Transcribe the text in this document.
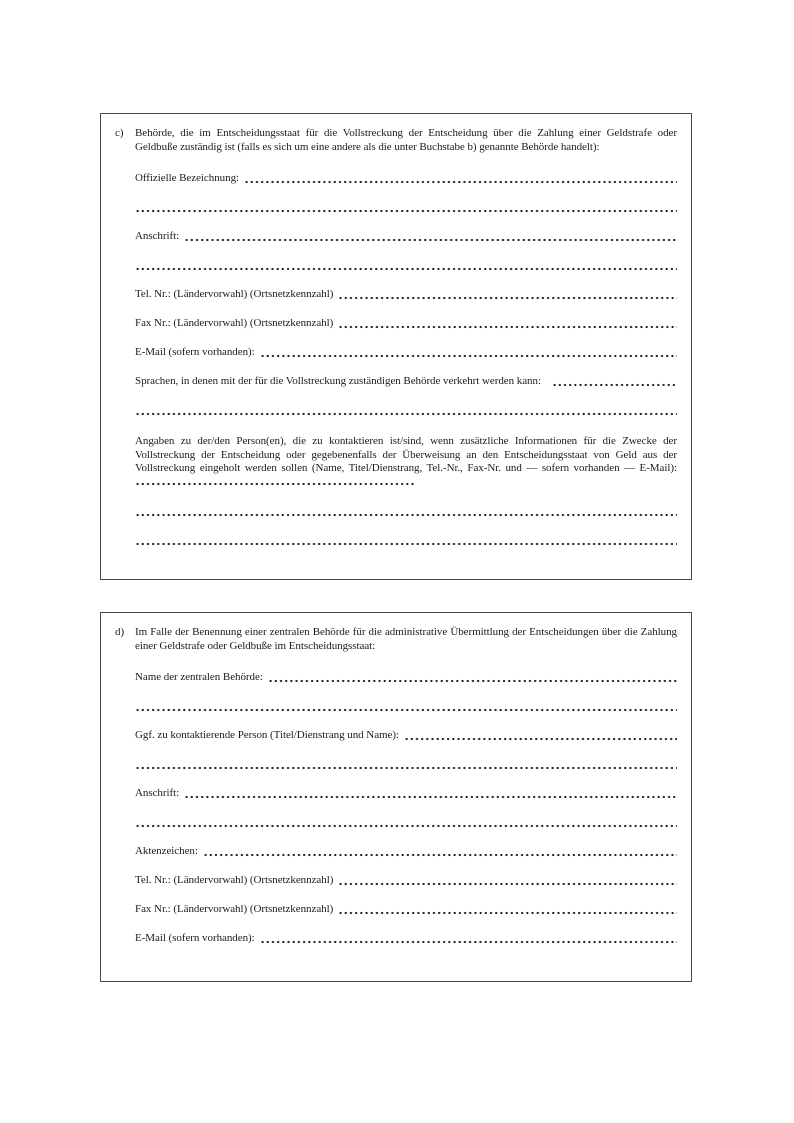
c)	Behörde, die im Entscheidungsstaat für die Vollstreckung der Entscheidung über die Zahlung einer Geldstrafe oder Geldbuße zuständig ist (falls es sich um eine andere als die unter Buchstabe b) genannte Behörde handelt):

Offizielle Bezeichnung:
Anschrift:
Tel. Nr.: (Ländervorwahl) (Ortsnetzkennzahl)
Fax Nr.: (Ländervorwahl) (Ortsnetzkennzahl)
E-Mail (sofern vorhanden):
Sprachen, in denen mit der für die Vollstreckung zuständigen Behörde verkehrt werden kann:

Angaben zu der/den Person(en), die zu kontaktieren ist/sind, wenn zusätzliche Informationen für die Zwecke der Vollstreckung der Entscheidung oder gegebenenfalls der Überweisung an den Entscheidungsstaat von Geld aus der Vollstreckung eingeholt werden sollen (Name, Titel/Dienstrang, Tel.-Nr., Fax-Nr. und — sofern vorhanden — E-Mail):

d) Im Falle der Benennung einer zentralen Behörde für die administrative Übermittlung der Entscheidungen über die Zahlung einer Geldstrafe oder Geldbuße im Entscheidungsstaat:

Name der zentralen Behörde:
Ggf. zu kontaktierende Person (Titel/Dienstrang und Name):
Anschrift:
Aktenzeichen:
Tel. Nr.: (Ländervorwahl) (Ortsnetzkennzahl)
Fax Nr.: (Ländervorwahl) (Ortsnetzkennzahl)
E-Mail (sofern vorhanden):
